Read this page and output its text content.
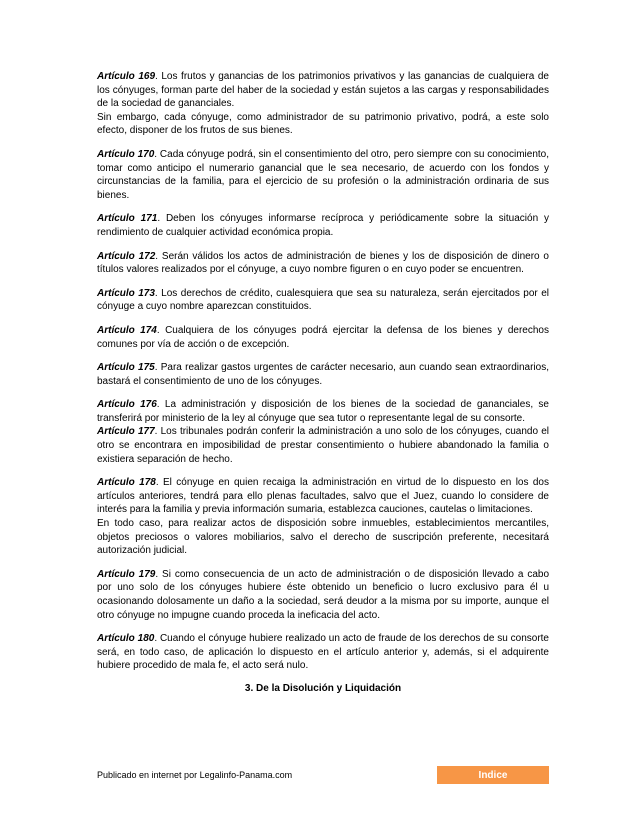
Artículo 169. Los frutos y ganancias de los patrimonios privativos y las ganancias de cualquiera de los cónyuges, forman parte del haber de la sociedad y están sujetos a las cargas y responsabilidades de la sociedad de gananciales.

Sin embargo, cada cónyuge, como administrador de su patrimonio privativo, podrá, a este solo efecto, disponer de los frutos de sus bienes.

Artículo 170. Cada cónyuge podrá, sin el consentimiento del otro, pero siempre con su conocimiento, tomar como anticipo el numerario ganancial que le sea necesario, de acuerdo con los fondos y circunstancias de la familia, para el ejercicio de su profesión o la administración ordinaria de sus bienes.

Artículo 171. Deben los cónyuges informarse recíproca y periódicamente sobre la situación y rendimiento de cualquier actividad económica propia.

Artículo 172. Serán válidos los actos de administración de bienes y los de disposición de dinero o títulos valores realizados por el cónyuge, a cuyo nombre figuren o en cuyo poder se encuentren.

Artículo 173. Los derechos de crédito, cualesquiera que sea su naturaleza, serán ejercitados por el cónyuge a cuyo nombre aparezcan constituidos.

Artículo 174. Cualquiera de los cónyuges podrá ejercitar la defensa de los bienes y derechos comunes por vía de acción o de excepción.

Artículo 175. Para realizar gastos urgentes de carácter necesario, aun cuando sean extraordinarios, bastará el consentimiento de uno de los cónyuges.

Artículo 176. La administración y disposición de los bienes de la sociedad de gananciales, se transferirá por ministerio de la ley al cónyuge que sea tutor o representante legal de su consorte.

Artículo 177. Los tribunales podrán conferir la administración a uno solo de los cónyuges, cuando el otro se encontrara en imposibilidad de prestar consentimiento o hubiere abandonado la familia o existiera separación de hecho.

Artículo 178. El cónyuge en quien recaiga la administración en virtud de lo dispuesto en los dos artículos anteriores, tendrá para ello plenas facultades, salvo que el Juez, cuando lo considere de interés para la familia y previa información sumaria, establezca cauciones, cautelas o limitaciones.

En todo caso, para realizar actos de disposición sobre inmuebles, establecimientos mercantiles, objetos preciosos o valores mobiliarios, salvo el derecho de suscripción preferente, necesitará autorización judicial.

Artículo 179. Si como consecuencia de un acto de administración o de disposición llevado a cabo por uno solo de los cónyuges hubiere éste obtenido un beneficio o lucro exclusivo para él u ocasionando dolosamente un daño a la sociedad, será deudor a la misma por su importe, aunque el otro cónyuge no impugne cuando proceda la ineficacia del acto.

Artículo 180. Cuando el cónyuge hubiere realizado un acto de fraude de los derechos de su consorte será, en todo caso, de aplicación lo dispuesto en el artículo anterior y, además, si el adquirente hubiere procedido de mala fe, el acto será nulo.

3. De la Disolución y Liquidación
Publicado en internet por Legalinfo-Panama.com	Indice
